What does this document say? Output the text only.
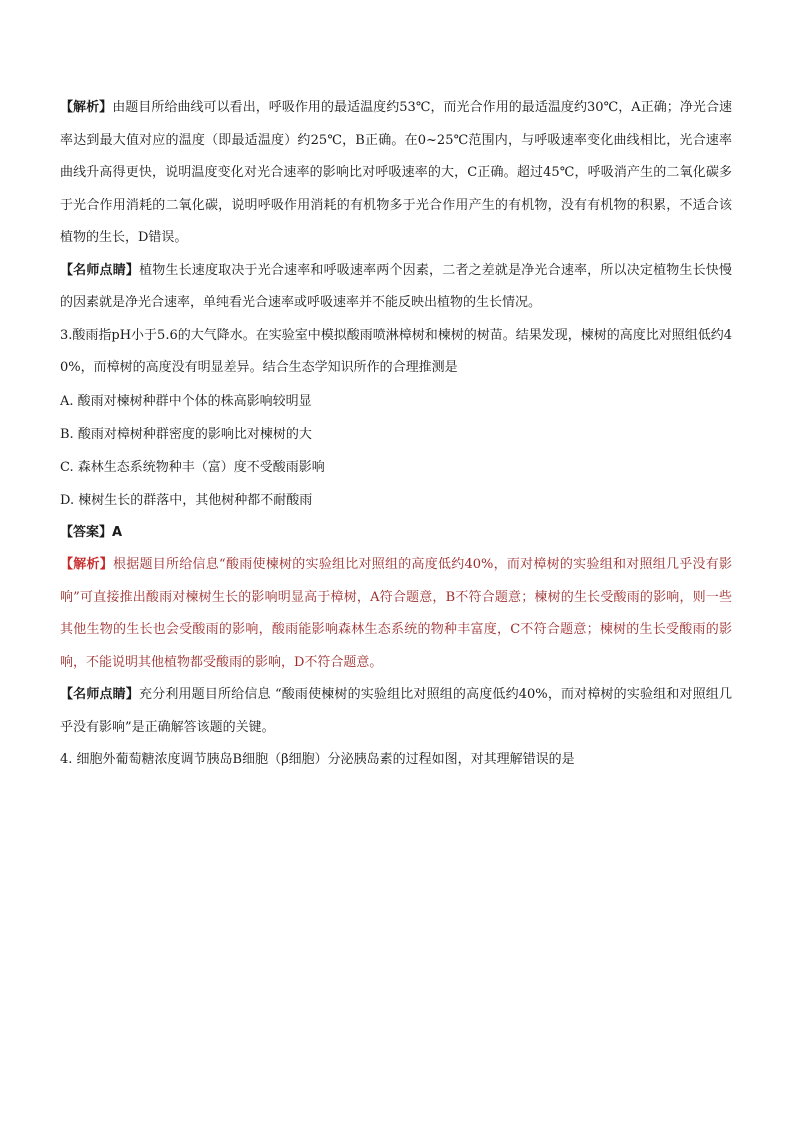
【解析】由题目所给曲线可以看出，呼吸作用的最适温度约53℃，而光合作用的最适温度约30℃，A正确；净光合速率达到最大值对应的温度（即最适温度）约25℃，B正确。在0~25℃范围内，与呼吸速率变化曲线相比，光合速率曲线升高得更快，说明温度变化对光合速率的影响比对呼吸速率的大，C正确。超过45℃，呼吸消产生的二氧化碳多于光合作用消耗的二氧化碳，说明呼吸作用消耗的有机物多于光合作用产生的有机物，没有有机物的积累，不适合该植物的生长，D错误。

【名师点睛】植物生长速度取决于光合速率和呼吸速率两个因素，二者之差就是净光合速率，所以决定植物生长快慢的因素就是净光合速率，单纯看光合速率或呼吸速率并不能反映出植物的生长情况。

3.酸雨指pH小于5.6的大气降水。在实验室中模拟酸雨喷淋樟树和楝树的树苗。结果发现，楝树的高度比对照组低约40%，而樟树的高度没有明显差异。结合生态学知识所作的合理推测是

A. 酸雨对楝树种群中个体的株高影响较明显

B. 酸雨对樟树种群密度的影响比对楝树的大

C. 森林生态系统物种丰（富）度不受酸雨影响

D. 楝树生长的群落中，其他树种都不耐酸雨

【答案】A

【解析】根据题目所给信息“酸雨使楝树的实验组比对照组的高度低约40%，而对樟树的实验组和对照组几乎没有影响”可直接推出酸雨对楝树生长的影响明显高于樟树，A符合题意，B不符合题意；楝树的生长受酸雨的影响，则一些其他生物的生长也会受酸雨的影响，酸雨能影响森林生态系统的物种丰富度，C不符合题意；楝树的生长受酸雨的影响，不能说明其他植物都受酸雨的影响，D不符合题意。

【名师点睛】充分利用题目所给信息 “酸雨使楝树的实验组比对照组的高度低约40%，而对樟树的实验组和对照组几乎没有影响”是正确解答该题的关键。

4. 细胞外葡萄糖浓度调节胰岛B细胞（β细胞）分泌胰岛素的过程如图，对其理解错误的是
